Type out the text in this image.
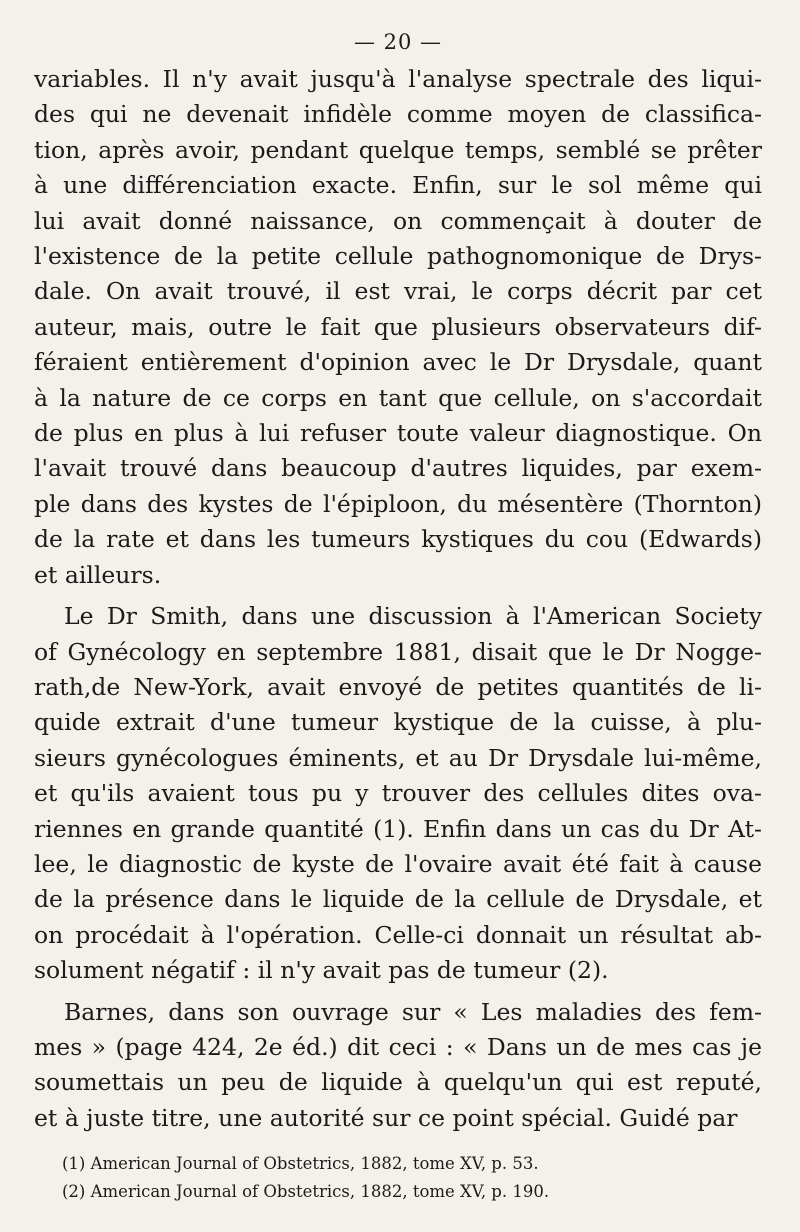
— 20 —
variables. Il n'y avait jusqu'à l'analyse spectrale des liqui-
des qui ne devenait infidèle comme moyen de classifica-
tion, après avoir, pendant quelque temps, semblé se prêter
à une différenciation exacte. Enfin, sur le sol même qui
lui avait donné naissance, on commençait à douter de
l'existence de la petite cellule pathognomonique de Drys-
dale. On avait trouvé, il est vrai, le corps décrit par cet
auteur, mais, outre le fait que plusieurs observateurs dif-
féraient entièrement d'opinion avec le Dr Drysdale, quant
à la nature de ce corps en tant que cellule, on s'accordait
de plus en plus à lui refuser toute valeur diagnostique. On
l'avait trouvé dans beaucoup d'autres liquides, par exem-
ple dans des kystes de l'épiploon, du mésentère (Thornton)
de la rate et dans les tumeurs kystiques du cou (Edwards)
et ailleurs.
Le Dr Smith, dans une discussion à l'American Society
of Gynécology en septembre 1881, disait que le Dr Nogge-
rath,de New-York, avait envoyé de petites quantités de li-
quide extrait d'une tumeur kystique de la cuisse, à plu-
sieurs gynécologues éminents, et au Dr Drysdale lui-même,
et qu'ils avaient tous pu y trouver des cellules dites ova-
riennes en grande quantité (1). Enfin dans un cas du Dr At-
lee, le diagnostic de kyste de l'ovaire avait été fait à cause
de la présence dans le liquide de la cellule de Drysdale, et
on procédait à l'opération. Celle-ci donnait un résultat ab-
solument négatif : il n'y avait pas de tumeur (2).
Barnes, dans son ouvrage sur « Les maladies des fem-
mes » (page 424, 2e éd.) dit ceci : « Dans un de mes cas je
soumettais un peu de liquide à quelqu'un qui est reputé,
et à juste titre, une autorité sur ce point spécial. Guidé par
(1) American Journal of Obstetrics, 1882, tome XV, p. 53.
(2) American Journal of Obstetrics, 1882, tome XV, p. 190.
